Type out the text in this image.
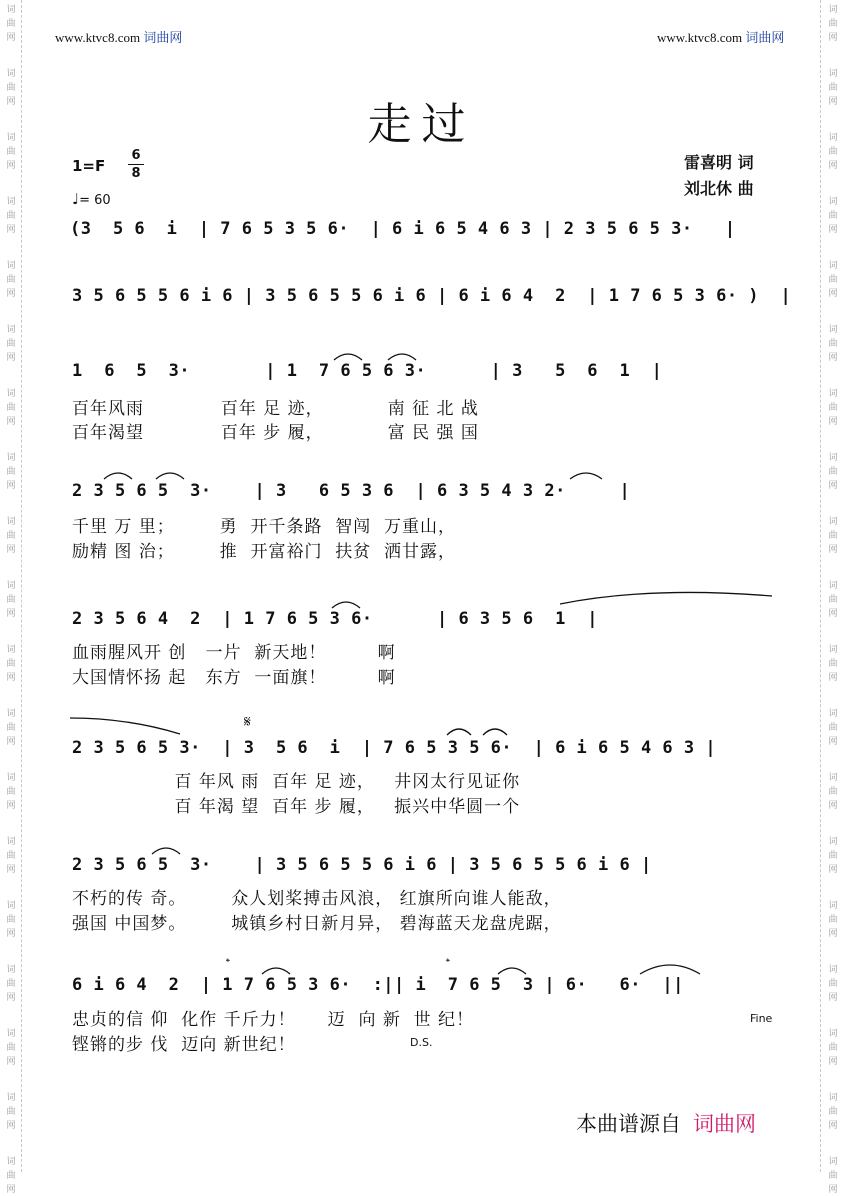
词
曲
网
词
曲
网
词
曲
网
词
曲
网
词
曲
网
词
曲
网
词
曲
网
词
曲
网
词
曲
网
词
曲
网
词
曲
网
词
曲
网
词
曲
网
词
曲
网
词
曲
网
词
曲
网
词
曲
网
词
曲
网
词
曲
网
词
曲
网
词
曲
网
词
曲
网
词
曲
网
词
曲
网
词
曲
网
词
曲
网
词
曲
网
词
曲
网
词
曲
网
词
曲
网
词
曲
网
词
曲
网
词
曲
网
词
曲
网
词
曲
网
词
曲
网
词
曲
网
词
曲
网
www.ktvc8.com 词曲网	www.ktvc8.com 词曲网
走过
1=F
6
8
♩= 60
雷喜明 词
刘北休 曲
(3  5 6  i  | 7 6 5 3 5 6·  | 6 i 6 5 4 6 3 | 2 3 5 6 5 3·   |
3 5 6 5 5 6 i 6 | 3 5 6 5 5 6 i 6 | 6 i 6 4  2  | 1 7 6 5 3 6· )  |
1  6  5  3·       | 1  7 6 5 6 3·      | 3   5  6  1  |
百年风雨            百年 足 迹，          南 征 北 战
百年渴望            百年 步 履，          富 民 强 国
2 3 5 6 5  3·    | 3   6 5 3 6  | 6 3 5 4 3 2·     |
千里 万 里；       勇  开千条路  智闯  万重山，
励精 图 治；       推  开富裕门  扶贫  洒甘露，
2 3 5 6 4  2  | 1 7 6 5 3 6·      | 6 3 5 6  1  |
血雨腥风开 创   一片  新天地！        啊
大国情怀扬 起   东方  一面旗！        啊
𝄋
2 3 5 6 5 3·  | 3  5 6  i  | 7 6 5 3 5 6·  | 6 i 6 5 4 6 3 |
百 年风 雨  百年 足 迹，   井冈太行见证你
百 年渴 望  百年 步 履，   振兴中华圆一个
2 3 5 6 5  3·    | 3 5 6 5 5 6 i 6 | 3 5 6 5 5 6 i 6 |
不朽的传 奇。       众人划桨搏击风浪， 红旗所向谁人能敌，
强国 中国梦。       城镇乡村日新月异， 碧海蓝天龙盘虎踞，
𝄌	𝄌
6 i 6 4  2  | 1 7 6 5 3 6·  :|| i  7 6 5  3 | 6·   6·  ||
Fine
忠贞的信 仰  化作 千斤力！     迈  向 新  世 纪！
铿锵的步 伐  迈向 新世纪！	D.S.
本曲谱源自 词曲网
